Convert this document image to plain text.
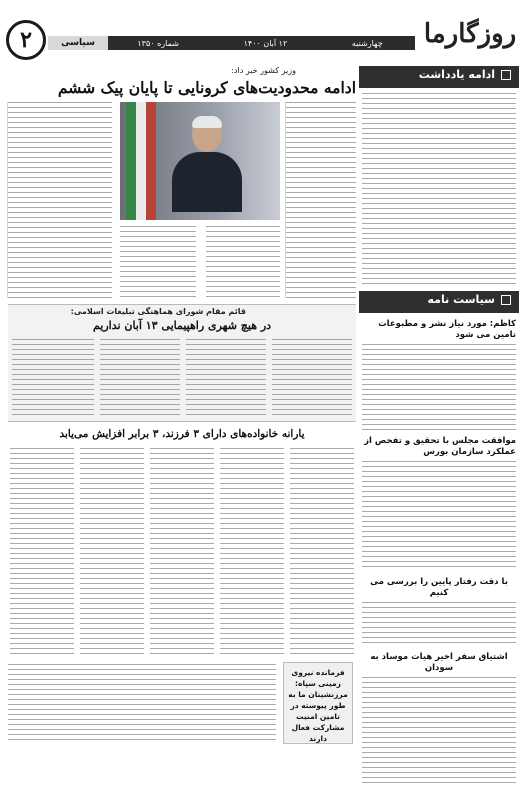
روزگارما
چهارشنبه
۱۲ آبان ۱۴۰۰
شماره ۱۳۵۰
سیاسی
۲
ادامه یادداشت
سیاست نامه
کاظم: مورد نیاز نشر و مطبوعات تامین می شود
موافقت مجلس با تحقیق و تفحص از عملکرد سازمان بورس
با دقت رفتار پایین را بررسی می کنیم
اشتیاق سفر اخیر هیات موساد به سودان
وزیر کشور خبر داد:
ادامه محدودیت‌های کرونایی تا پایان پیک ششم
قائم مقام شورای هماهنگی تبلیغات اسلامی:
در هیچ شهری راهپیمایی ۱۳ آبان نداریم
یارانه خانواده‌های دارای ۳ فرزند، ۳ برابر افزایش می‌یابد
فرمانده نیروی زمینی سپاه: مرزنشینان ما به طور پیوسته در تامین امنیت مشارکت فعال دارند
